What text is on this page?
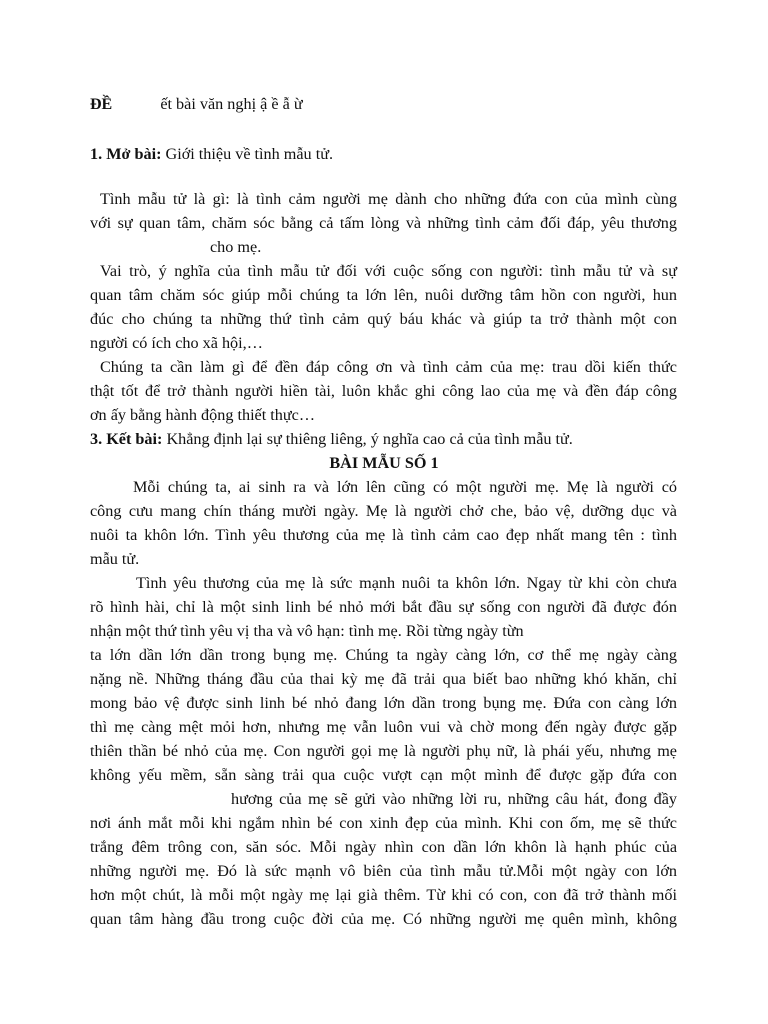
ĐỀ	ết bài văn nghị ậ ề ẫ ừ
1. Mở bài: Giới thiệu về tình mẫu tử.
Tình mẫu tử là gì: là tình cảm người mẹ dành cho những đứa con của mình cùng
với sự quan tâm, chăm sóc bằng cả tấm lòng và những tình cảm đối đáp, yêu thương
cho mẹ.
Vai trò, ý nghĩa của tình mẫu tử đối với cuộc sống con người: tình mẫu tử và sự
quan tâm chăm sóc giúp mỗi chúng ta lớn lên, nuôi dưỡng tâm hồn con người, hun
đúc cho chúng ta những thứ tình cảm quý báu khác và giúp ta trở thành một con
người có ích cho xã hội,…
Chúng ta cần làm gì để đền đáp công ơn và tình cảm của mẹ: trau dồi kiến thức
thật tốt để trở thành người hiền tài, luôn khắc ghi công lao của mẹ và đền đáp công
ơn ấy bằng hành động thiết thực…
3. Kết bài: Khẳng định lại sự thiêng liêng, ý nghĩa cao cả của tình mẫu tử.
BÀI MẪU SỐ 1
Mỗi chúng ta, ai sinh ra và lớn lên cũng có một người mẹ. Mẹ là người có
công cưu mang chín tháng mười ngày. Mẹ là người chở che, bảo vệ, dưỡng dục và
nuôi ta khôn lớn. Tình yêu thương của mẹ là tình cảm cao đẹp nhất mang tên : tình
mẫu tử.
Tình yêu thương của mẹ là sức mạnh nuôi ta khôn lớn. Ngay từ khi còn chưa
rõ hình hài, chỉ là một sinh linh bé nhỏ mới bắt đầu sự sống con người đã được đón
nhận một thứ tình yêu vị tha và vô hạn: tình mẹ. Rồi từng ngày từn
ta lớn dần lớn dần trong bụng mẹ. Chúng ta ngày càng lớn, cơ thể mẹ ngày càng
nặng nề. Những tháng đầu của thai kỳ mẹ đã trải qua biết bao những khó khăn, chỉ
mong bảo vệ được sinh linh bé nhỏ đang lớn dần trong bụng mẹ. Đứa con càng lớn
thì mẹ càng mệt mỏi hơn, nhưng mẹ vẫn luôn vui và chờ mong đến ngày được gặp
thiên thần bé nhỏ của mẹ. Con người gọi mẹ là người phụ nữ, là phái yếu, nhưng mẹ
không yếu mềm, sẵn sàng trải qua cuộc vượt cạn một mình để được gặp đứa con
hương của mẹ sẽ gửi vào những lời ru, những câu hát, đong đầy
nơi ánh mắt mỗi khi ngắm nhìn bé con xinh đẹp của mình. Khi con ốm, mẹ sẽ thức
trắng đêm trông con, săn sóc. Mỗi ngày nhìn con dần lớn khôn là hạnh phúc của
những người mẹ. Đó là sức mạnh vô biên của tình mẫu tử.Mỗi một ngày con lớn
hơn một chút, là mỗi một ngày mẹ lại già thêm. Từ khi có con, con đã trở thành mối
quan tâm hàng đầu trong cuộc đời của mẹ. Có những người mẹ quên mình, không
